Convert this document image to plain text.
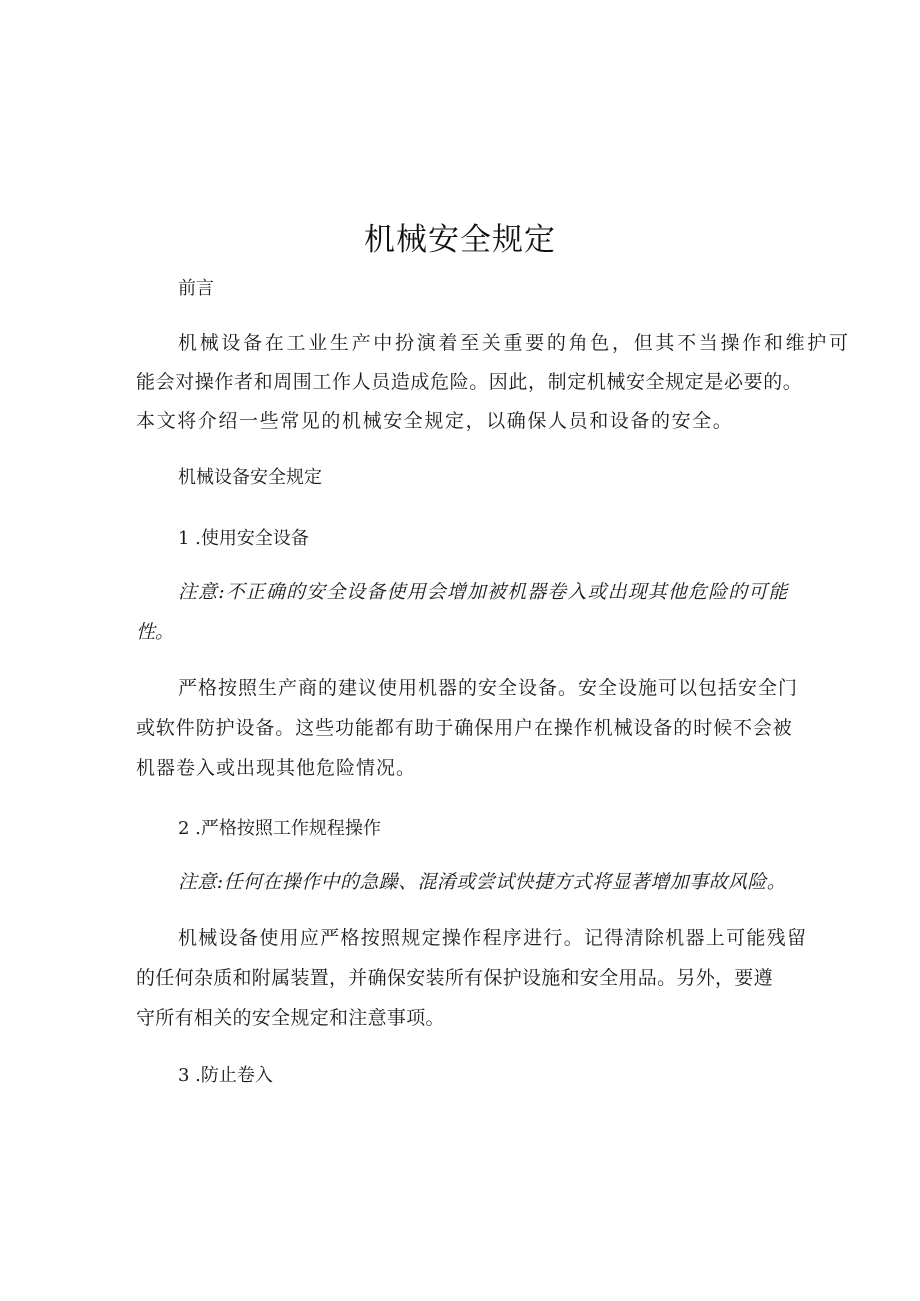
机械安全规定

前言

机械设备在工业生产中扮演着至关重要的角色，但其不当操作和维护可

能会对操作者和周围工作人员造成危险。因此，制定机械安全规定是必要的。

本文将介绍一些常见的机械安全规定，以确保人员和设备的安全。

机械设备安全规定

1 .使用安全设备

注意:不正确的安全设备使用会增加被机器卷入或出现其他危险的可能

性。

严格按照生产商的建议使用机器的安全设备。安全设施可以包括安全门

或软件防护设备。这些功能都有助于确保用户在操作机械设备的时候不会被

机器卷入或出现其他危险情况。

2 .严格按照工作规程操作

注意:任何在操作中的急躁、混淆或尝试快捷方式将显著增加事故风险。

机械设备使用应严格按照规定操作程序进行。记得清除机器上可能残留

的任何杂质和附属装置，并确保安装所有保护设施和安全用品。另外，要遵

守所有相关的安全规定和注意事项。

3 .防止卷入
